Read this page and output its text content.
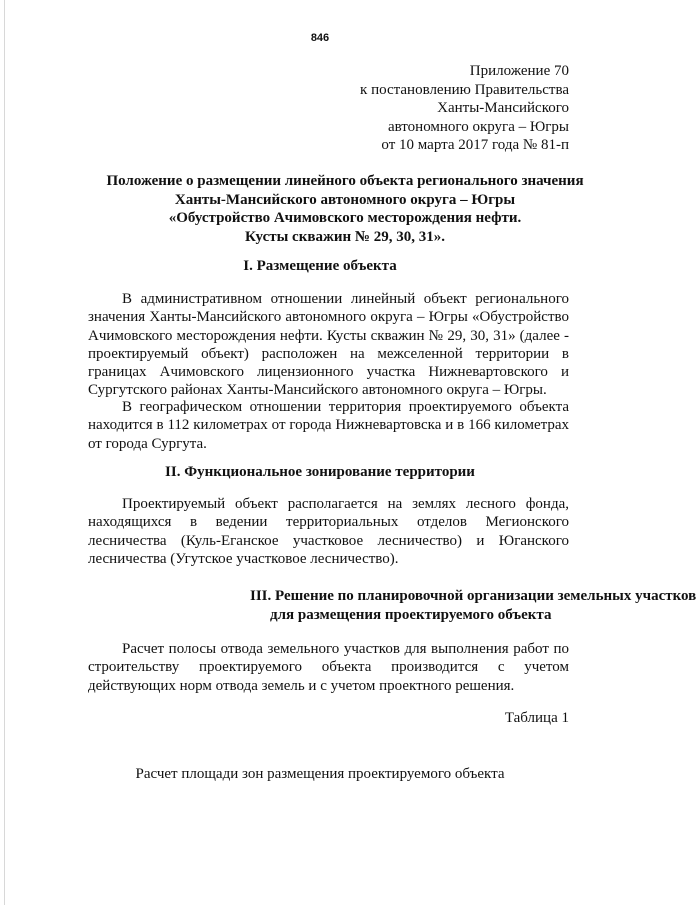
846
Приложение 70
к постановлению Правительства
Ханты-Мансийского
автономного округа – Югры
от 10 марта 2017 года № 81-п
Положение о размещении линейного объекта регионального значения
Ханты-Мансийского автономного округа – Югры
«Обустройство Ачимовского месторождения нефти.
Кусты скважин № 29, 30, 31».
I. Размещение объекта
В административном отношении линейный объект регионального
значения Ханты-Мансийского автономного округа – Югры «Обустройство
Ачимовского месторождения нефти. Кусты скважин № 29, 30, 31» (далее -
проектируемый объект) расположен на межселенной территории в
границах Ачимовского лицензионного участка Нижневартовского и
Сургутского районах Ханты-Мансийского автономного округа – Югры.
В географическом отношении территория проектируемого объекта
находится в 112 километрах от города Нижневартовска и в 166 километрах
от города Сургута.
II. Функциональное зонирование территории
Проектируемый объект располагается на землях лесного фонда,
находящихся в ведении территориальных отделов Мегионского
лесничества (Куль-Еганское участковое лесничество) и Юганского
лесничества (Угутское участковое лесничество).
III. Решение по планировочной организации земельных участков
для размещения проектируемого объекта
Расчет полосы отвода земельного участков для выполнения работ по
строительству проектируемого объекта производится с учетом
действующих норм отвода земель и с учетом проектного решения.
Таблица 1
Расчет площади зон размещения проектируемого объекта
